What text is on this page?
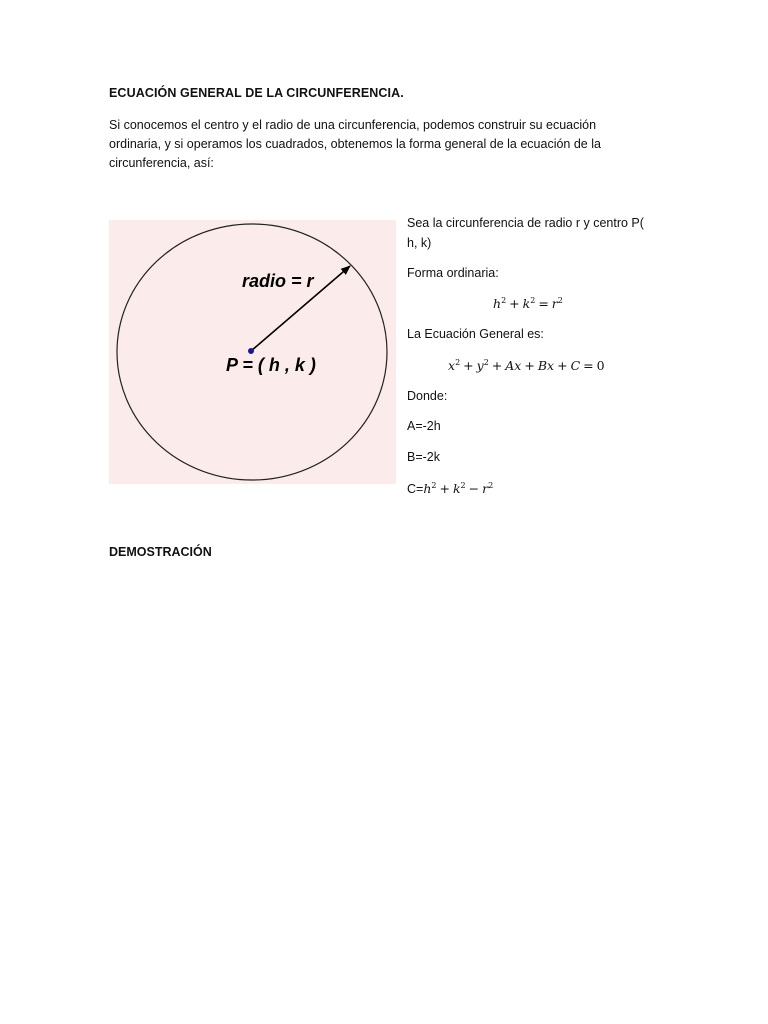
ECUACIÓN GENERAL DE LA CIRCUNFERENCIA.
Si conocemos el centro y el radio de una circunferencia, podemos construir su ecuación ordinaria, y si operamos los cuadrados, obtenemos la forma general de la ecuación de la circunferencia, así:
radio = r
P = ( h , k )
Sea la circunferencia de radio r y centro P(
h, k)
Forma ordinaria:
$h^2 + k^2 = r^2$
La Ecuación General es:
$x^2 + y^2 + Ax + Bx + C = 0$
Donde:
A=-2h
B=-2k
$C=h^2 + k^2 - r^2$
DEMOSTRACIÓN
